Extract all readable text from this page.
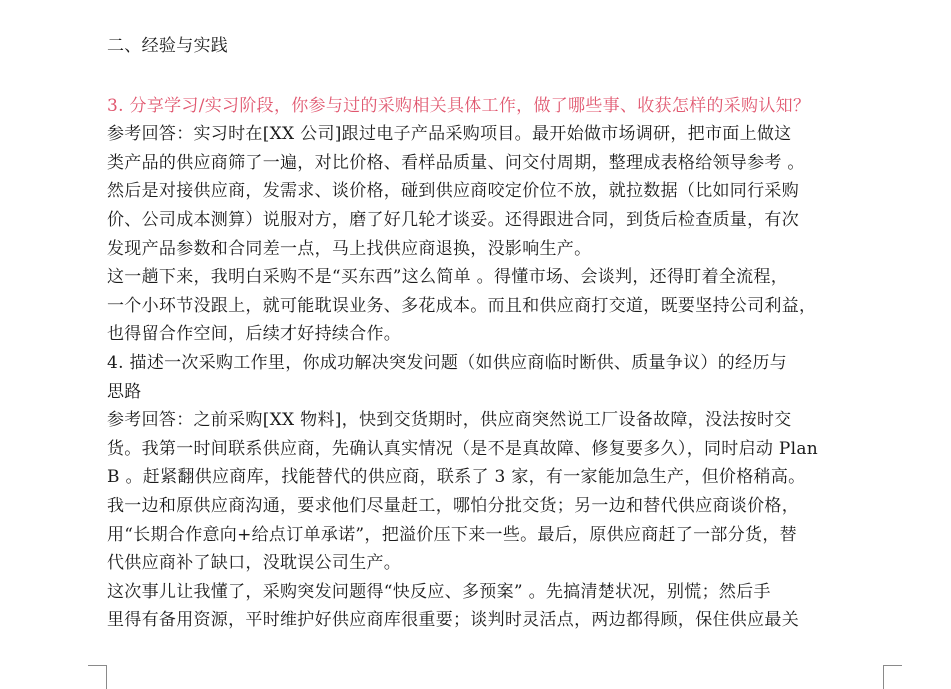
二、经验与实践
3. 分享学习/实习阶段，你参与过的采购相关具体工作，做了哪些事、收获怎样的采购认知？
参考回答：实习时在[XX 公司]跟过电子产品采购项目。最开始做市场调研，把市面上做这
类产品的供应商筛了一遍，对比价格、看样品质量、问交付周期，整理成表格给领导参考 。
然后是对接供应商，发需求、谈价格，碰到供应商咬定价位不放，就拉数据（比如同行采购
价、公司成本测算）说服对方，磨了好几轮才谈妥。还得跟进合同，到货后检查质量，有次
发现产品参数和合同差一点，马上找供应商退换，没影响生产。
这一趟下来，我明白采购不是“买东西”这么简单 。得懂市场、会谈判，还得盯着全流程，
一个小环节没跟上，就可能耽误业务、多花成本。而且和供应商打交道，既要坚持公司利益，
也得留合作空间，后续才好持续合作。
4. 描述一次采购工作里，你成功解决突发问题（如供应商临时断供、质量争议）的经历与
思路
参考回答：之前采购[XX 物料]，快到交货期时，供应商突然说工厂设备故障，没法按时交
货。我第一时间联系供应商，先确认真实情况（是不是真故障、修复要多久），同时启动 Plan
B 。赶紧翻供应商库，找能替代的供应商，联系了 3 家，有一家能加急生产，但价格稍高。
我一边和原供应商沟通，要求他们尽量赶工，哪怕分批交货；另一边和替代供应商谈价格，
用“长期合作意向+给点订单承诺”，把溢价压下来一些。最后，原供应商赶了一部分货，替
代供应商补了缺口，没耽误公司生产。
这次事儿让我懂了，采购突发问题得“快反应、多预案” 。先搞清楚状况，别慌；然后手
里得有备用资源，平时维护好供应商库很重要；谈判时灵活点，两边都得顾，保住供应最关
